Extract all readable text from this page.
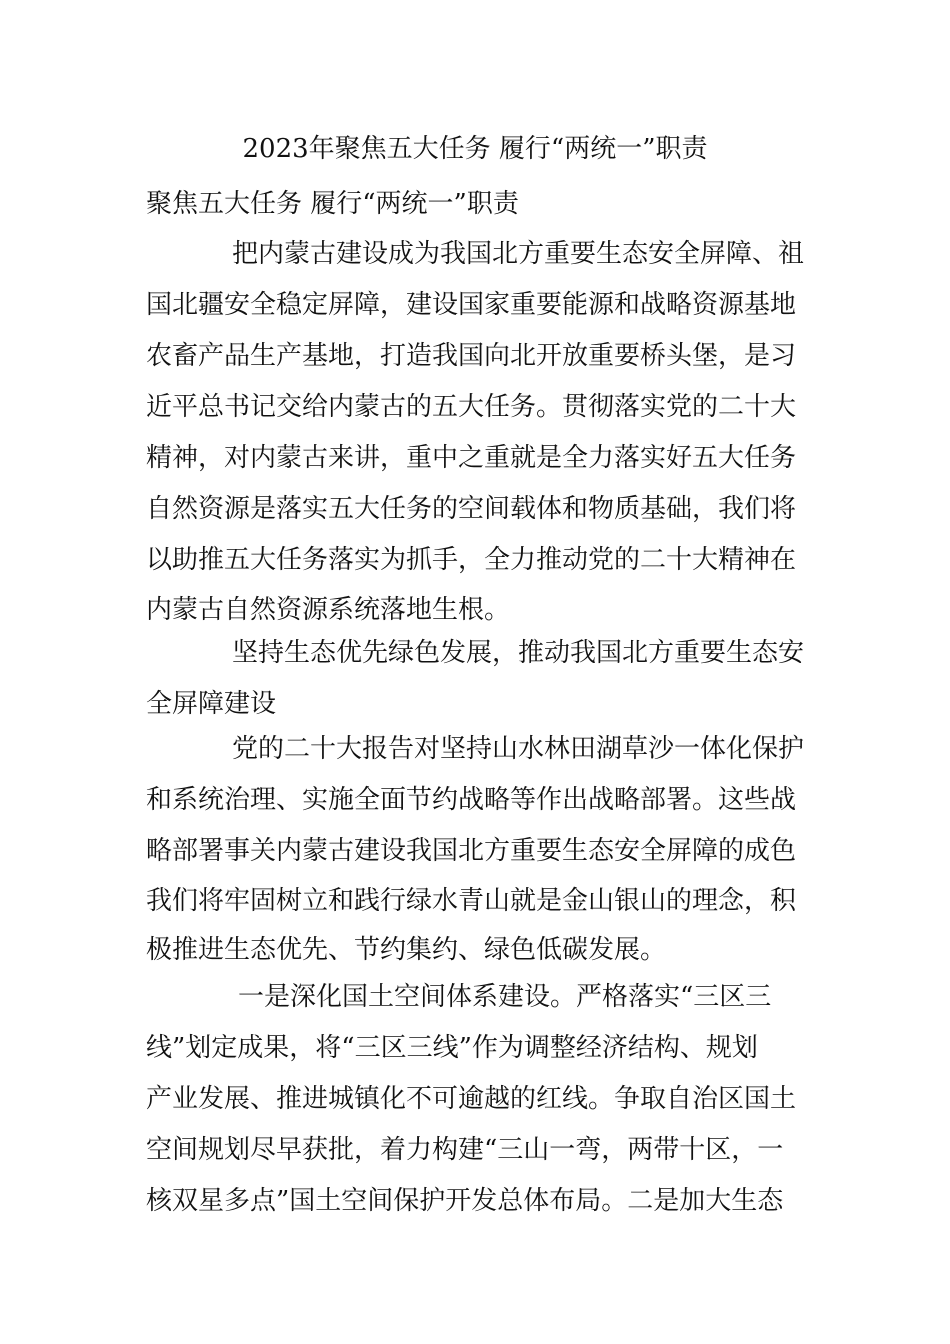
2023年聚焦五大任务 履行“两统一”职责
聚焦五大任务 履行“两统一”职责
把内蒙古建设成为我国北方重要生态安全屏障、祖
国北疆安全稳定屏障，建设国家重要能源和战略资源基地
农畜产品生产基地，打造我国向北开放重要桥头堡，是习
近平总书记交给内蒙古的五大任务。贯彻落实党的二十大
精神，对内蒙古来讲，重中之重就是全力落实好五大任务
自然资源是落实五大任务的空间载体和物质基础，我们将
以助推五大任务落实为抓手，全力推动党的二十大精神在
内蒙古自然资源系统落地生根。
坚持生态优先绿色发展，推动我国北方重要生态安
全屏障建设
党的二十大报告对坚持山水林田湖草沙一体化保护
和系统治理、实施全面节约战略等作出战略部署。这些战
略部署事关内蒙古建设我国北方重要生态安全屏障的成色
我们将牢固树立和践行绿水青山就是金山银山的理念，积
极推进生态优先、节约集约、绿色低碳发展。
一是深化国土空间体系建设。严格落实“三区三
线”划定成果，将“三区三线”作为调整经济结构、规划
产业发展、推进城镇化不可逾越的红线。争取自治区国土
空间规划尽早获批，着力构建“三山一弯，两带十区，一
核双星多点”国土空间保护开发总体布局。二是加大生态
